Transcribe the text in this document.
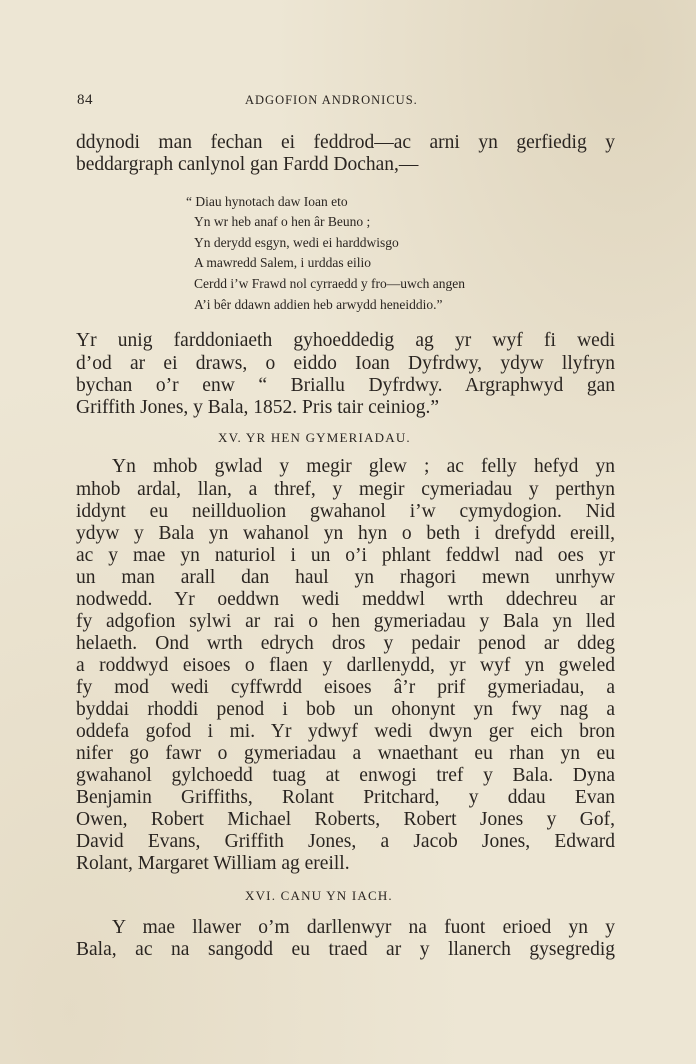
84	ADGOFION ANDRONICUS.
ddynodi man fechan ei feddrod—ac arni yn gerfiedig y
beddargraph canlynol gan Fardd Dochan,—
“ Diau hynotach daw Ioan eto
Yn wr heb anaf o hen âr Beuno ;
Yn derydd esgyn, wedi ei harddwisgo
A mawredd Salem, i urddas eilio
Cerdd i’w Frawd nol cyrraedd y fro—uwch angen
A’i bêr ddawn addien heb arwydd heneiddio.”
Yr unig farddoniaeth gyhoeddedig ag yr wyf fi wedi
d’od ar ei draws, o eiddo Ioan Dyfrdwy, ydyw llyfryn
bychan o’r enw “ Briallu Dyfrdwy. Argraphwyd gan
Griffith Jones, y Bala, 1852. Pris tair ceiniog.”
XV. YR HEN GYMERIADAU.
Yn mhob gwlad y megir glew ; ac felly hefyd yn
mhob ardal, llan, a thref, y megir cymeriadau y perthyn
iddynt eu neillduolion gwahanol i’w cymydogion. Nid
ydyw y Bala yn wahanol yn hyn o beth i drefydd ereill,
ac y mae yn naturiol i un o’i phlant feddwl nad oes yr
un man arall dan haul yn rhagori mewn unrhyw
nodwedd. Yr oeddwn wedi meddwl wrth ddechreu ar
fy adgofion sylwi ar rai o hen gymeriadau y Bala yn lled
helaeth. Ond wrth edrych dros y pedair penod ar ddeg
a roddwyd eisoes o flaen y darllenydd, yr wyf yn gweled
fy mod wedi cyffwrdd eisoes â’r prif gymeriadau, a
byddai rhoddi penod i bob un ohonynt yn fwy nag a
oddefa gofod i mi. Yr ydwyf wedi dwyn ger eich bron
nifer go fawr o gymeriadau a wnaethant eu rhan yn eu
gwahanol gylchoedd tuag at enwogi tref y Bala. Dyna
Benjamin Griffiths, Rolant Pritchard, y ddau Evan
Owen, Robert Michael Roberts, Robert Jones y Gof,
David Evans, Griffith Jones, a Jacob Jones, Edward
Rolant, Margaret William ag ereill.
XVI. CANU YN IACH.
Y mae llawer o’m darllenwyr na fuont erioed yn y
Bala, ac na sangodd eu traed ar y llanerch gysegredig
